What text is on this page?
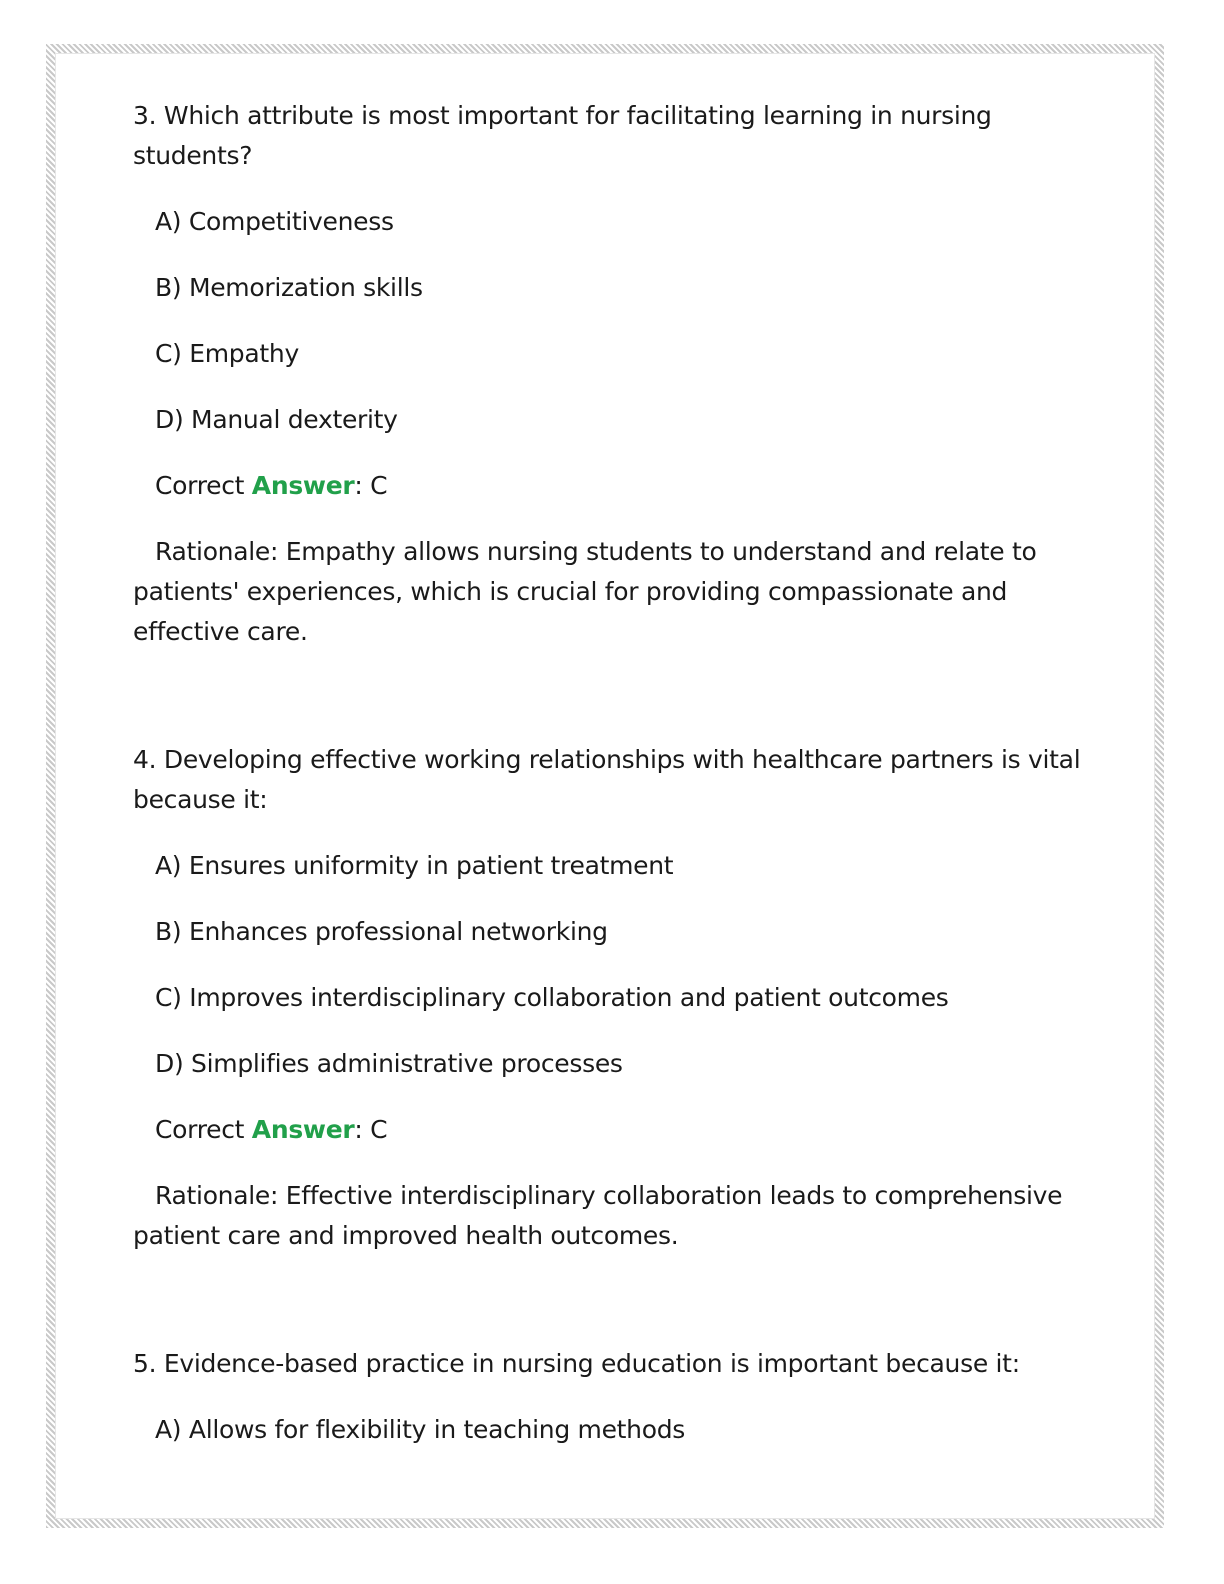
3. Which attribute is most important for facilitating learning in nursing students?

A) Competitiveness

B) Memorization skills

C) Empathy

D) Manual dexterity

Correct Answer: C

Rationale: Empathy allows nursing students to understand and relate to patients' experiences, which is crucial for providing compassionate and effective care.

4. Developing effective working relationships with healthcare partners is vital because it:

A) Ensures uniformity in patient treatment

B) Enhances professional networking

C) Improves interdisciplinary collaboration and patient outcomes

D) Simplifies administrative processes

Correct Answer: C

Rationale: Effective interdisciplinary collaboration leads to comprehensive patient care and improved health outcomes.

5. Evidence-based practice in nursing education is important because it:

A) Allows for flexibility in teaching methods
